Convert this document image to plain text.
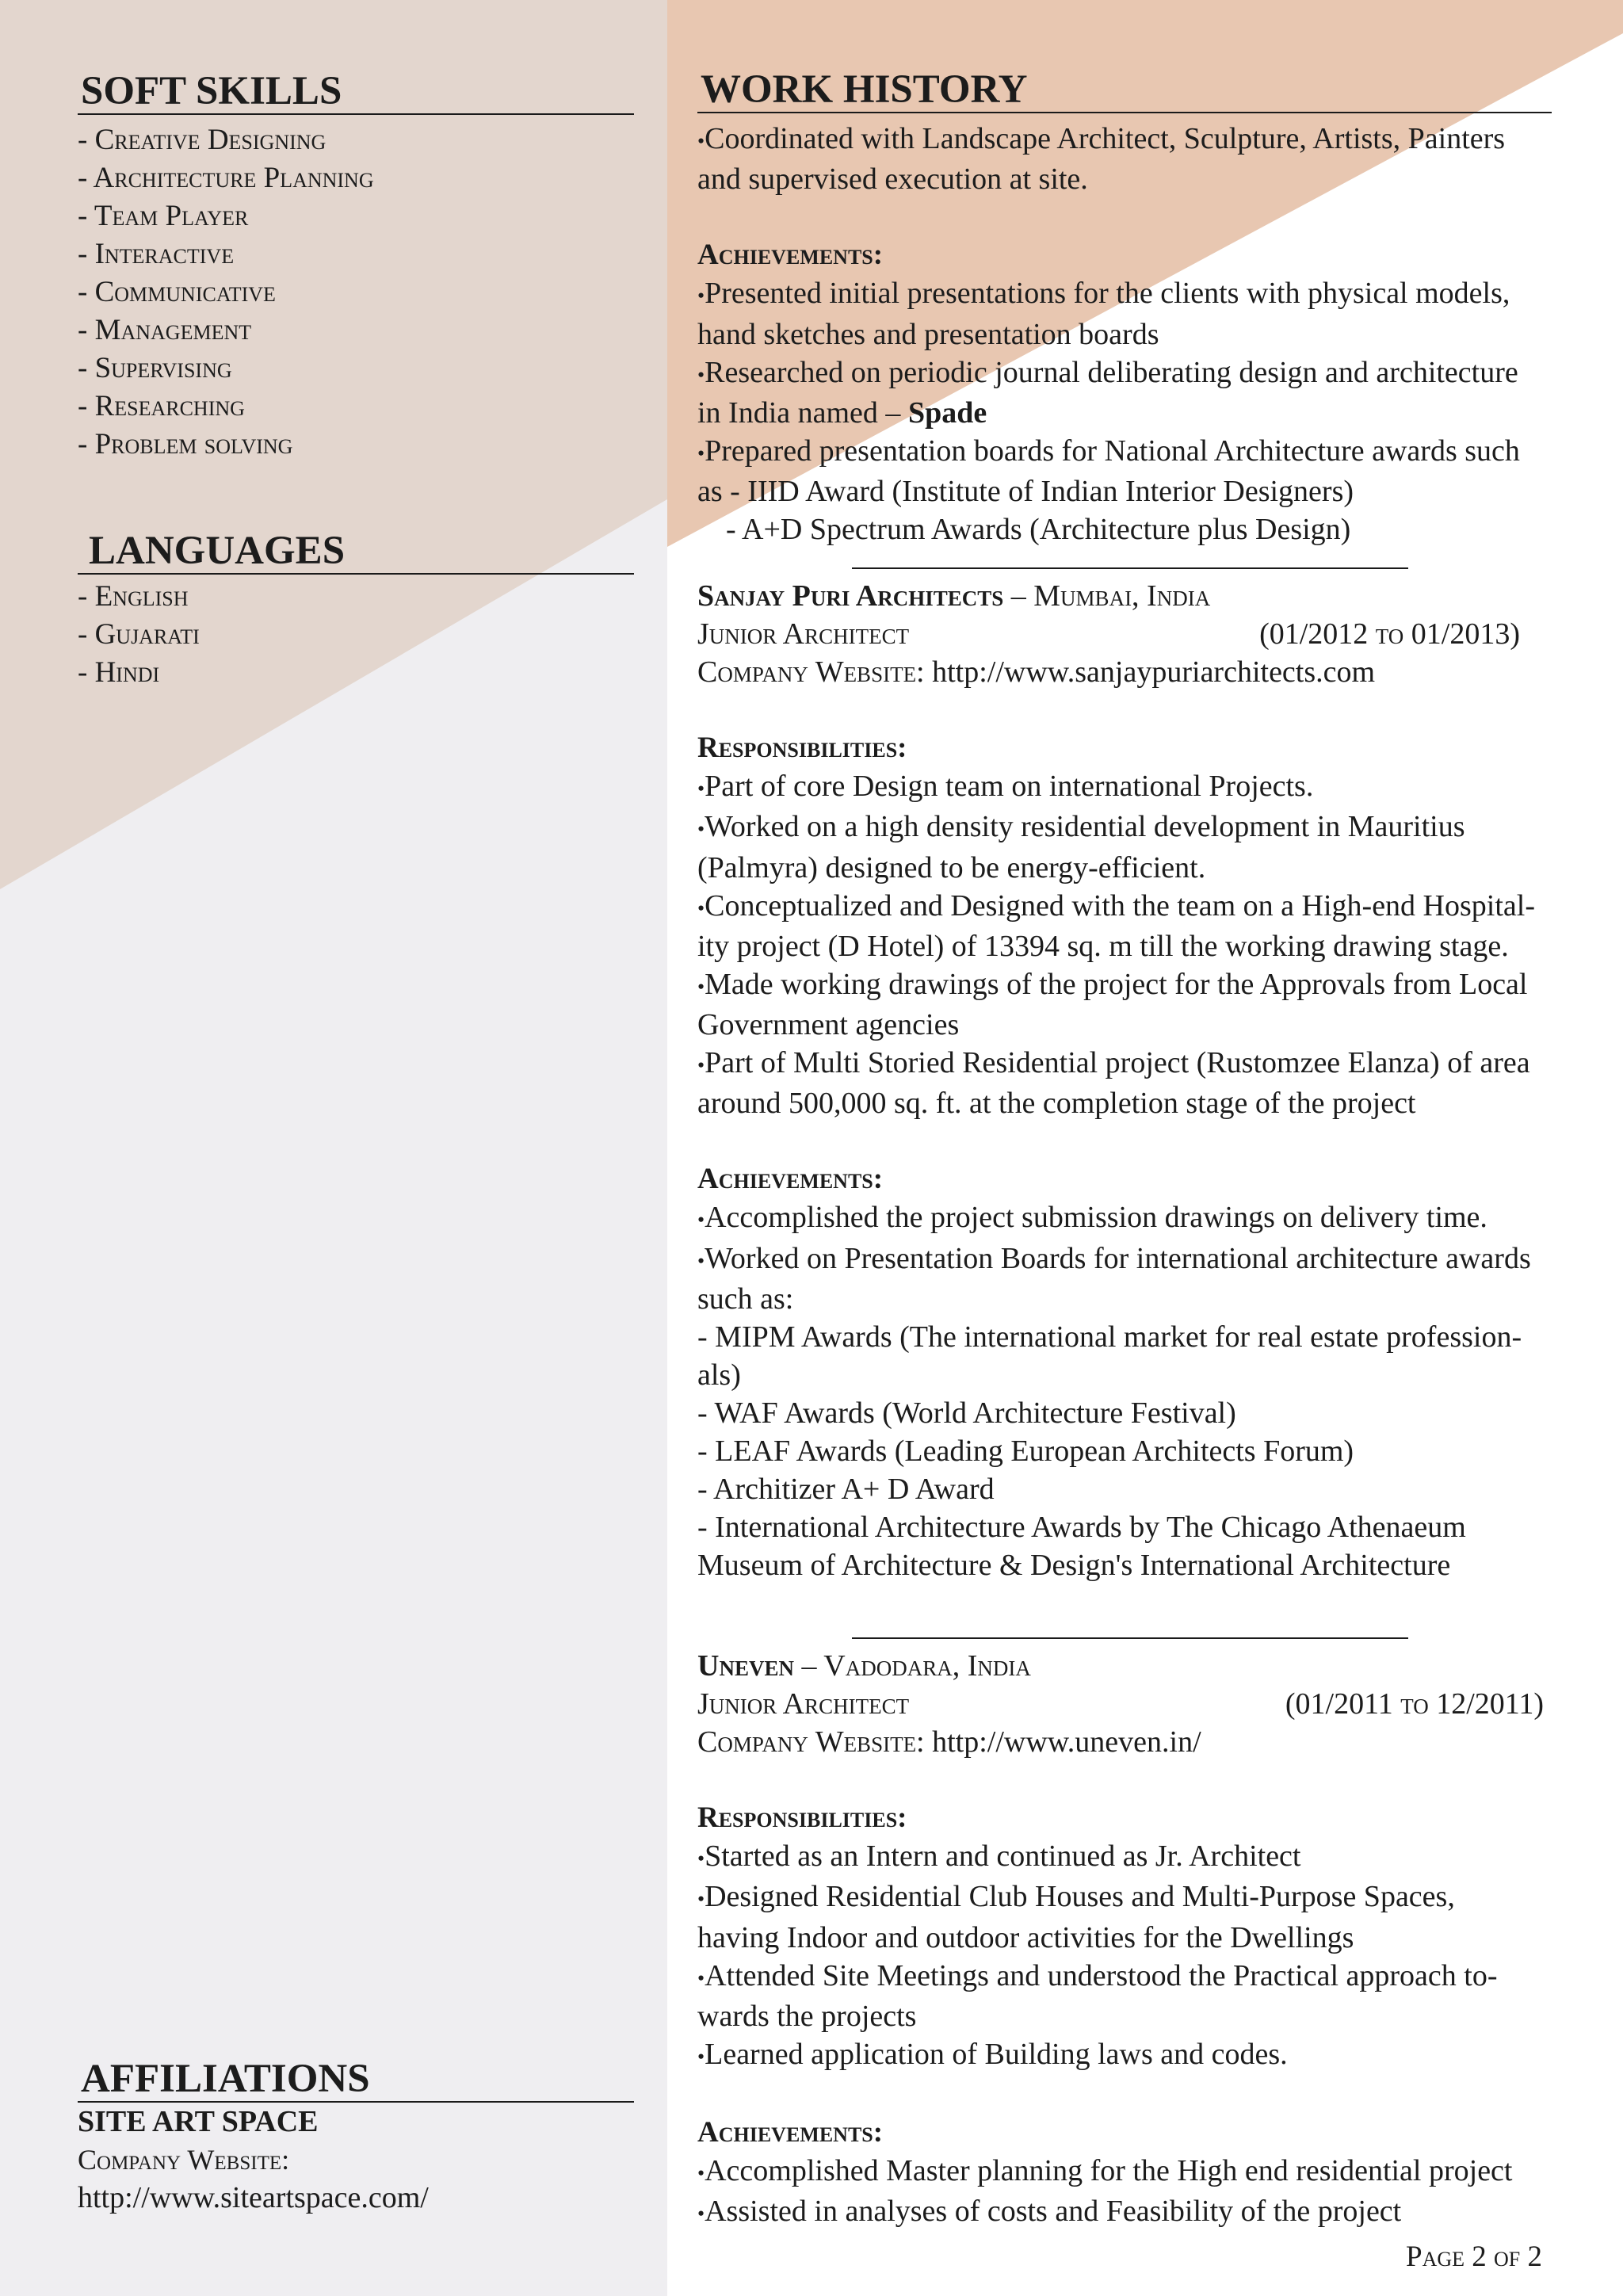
SOFT SKILLS

- Creative Designing

- Architecture Planning

- Team Player

- Interactive

- Communicative

- Management

- Supervising

- Researching

- Problem solving

LANGUAGES

- English

- Gujarati

- Hindi

AFFILIATIONS

SITE ART SPACE

Company Website:

http://www.siteartspace.com/

WORK HISTORY

•Coordinated with Landscape Architect, Sculpture, Artists, Painters

and supervised execution at site.

Achievements:

•Presented initial presentations for the clients with physical models,

hand sketches and presentation boards

•Researched on periodic journal deliberating design and architecture

in India named – Spade

•Prepared presentation boards for National Architecture awards such

as - IIID Award (Institute of Indian Interior Designers)

- A+D Spectrum Awards (Architecture plus Design)

Sanjay Puri Architects – Mumbai, India

Junior Architect	(01/2012 to 01/2013)

Company Website: http://www.sanjaypuriarchitects.com

Responsibilities:

•Part of core Design team on international Projects.

•Worked on a high density residential development in Mauritius

(Palmyra) designed to be energy-efficient.

•Conceptualized and Designed with the team on a High-end Hospital-

ity project (D Hotel) of 13394 sq. m till the working drawing stage.

•Made working drawings of the project for the Approvals from Local

Government agencies

•Part of Multi Storied Residential project (Rustomzee Elanza) of area

around 500,000 sq. ft. at the completion stage of the project

Achievements:

•Accomplished the project submission drawings on delivery time.

•Worked on Presentation Boards for international architecture awards

such as:

- MIPM Awards (The international market for real estate profession-

als)

- WAF Awards (World Architecture Festival)

- LEAF Awards (Leading European Architects Forum)

- Architizer A+ D Award

- International Architecture Awards by The Chicago Athenaeum

Museum of Architecture & Design's International Architecture

Uneven – Vadodara, India

Junior Architect	(01/2011 to 12/2011)

Company Website: http://www.uneven.in/

Responsibilities:

•Started as an Intern and continued as Jr. Architect

•Designed Residential Club Houses and Multi-Purpose Spaces,

having Indoor and outdoor activities for the Dwellings

•Attended Site Meetings and understood the Practical approach to-

wards the projects

•Learned application of Building laws and codes.

Achievements:

•Accomplished Master planning for the High end residential project

•Assisted in analyses of costs and Feasibility of the project

Page 2 of 2
